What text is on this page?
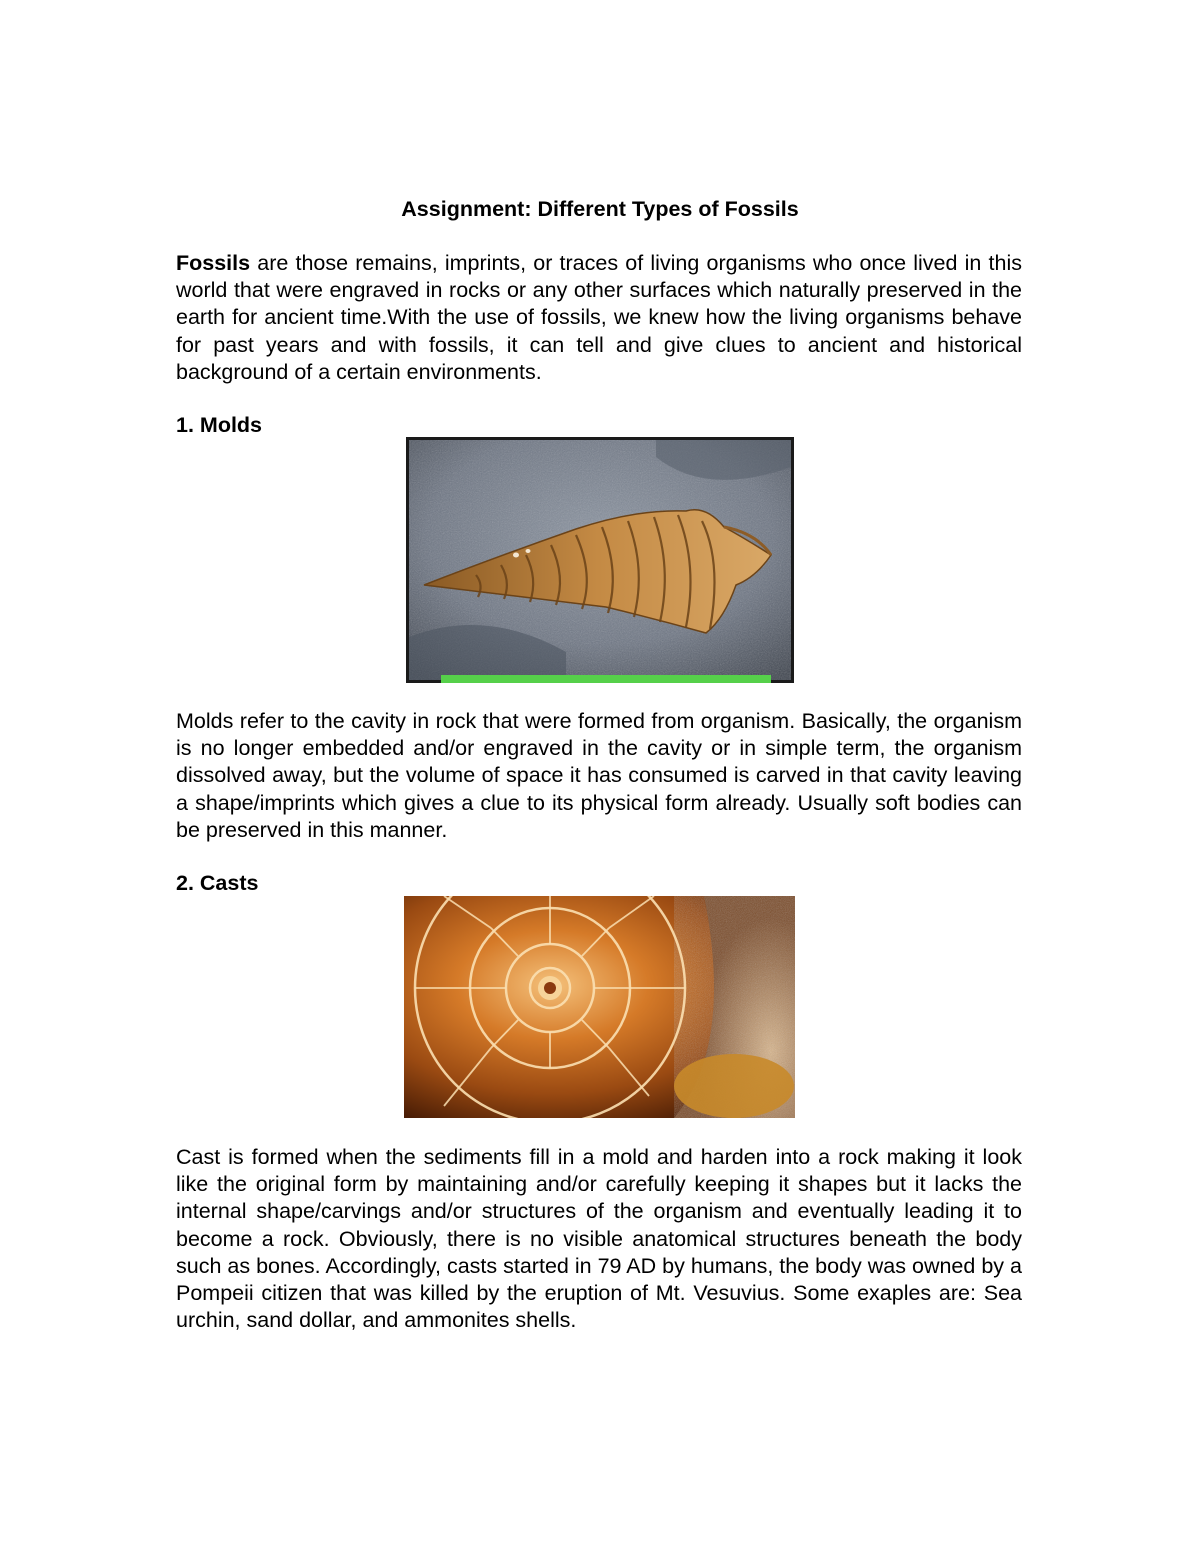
Assignment: Different Types of Fossils

Fossils are those remains, imprints, or traces of living organisms who once lived in this world that were engraved in rocks or any other surfaces which naturally preserved in the earth for ancient time.With the use of fossils, we knew how the living organisms behave for past years and with fossils, it can tell and give clues to ancient and historical background of a certain environments.

1. Molds

Molds refer to the cavity in rock that were formed from organism. Basically, the organism is no longer embedded and/or engraved in the cavity or in simple term, the organism dissolved away, but the volume of space it has consumed is carved in that cavity leaving a shape/imprints which gives a clue to its physical form already. Usually soft bodies can be preserved in this manner.

2. Casts

Cast is formed when the sediments fill in a mold and harden into a rock making it look like the original form by maintaining and/or carefully keeping it shapes but it lacks the internal shape/carvings and/or structures of the organism and eventually leading it to become a rock. Obviously, there is no visible anatomical structures beneath the body such as bones. Accordingly, casts started in 79 AD by humans, the body was owned by a Pompeii citizen that was killed by the eruption of Mt. Vesuvius. Some exaples are: Sea urchin, sand dollar, and ammonites shells.
